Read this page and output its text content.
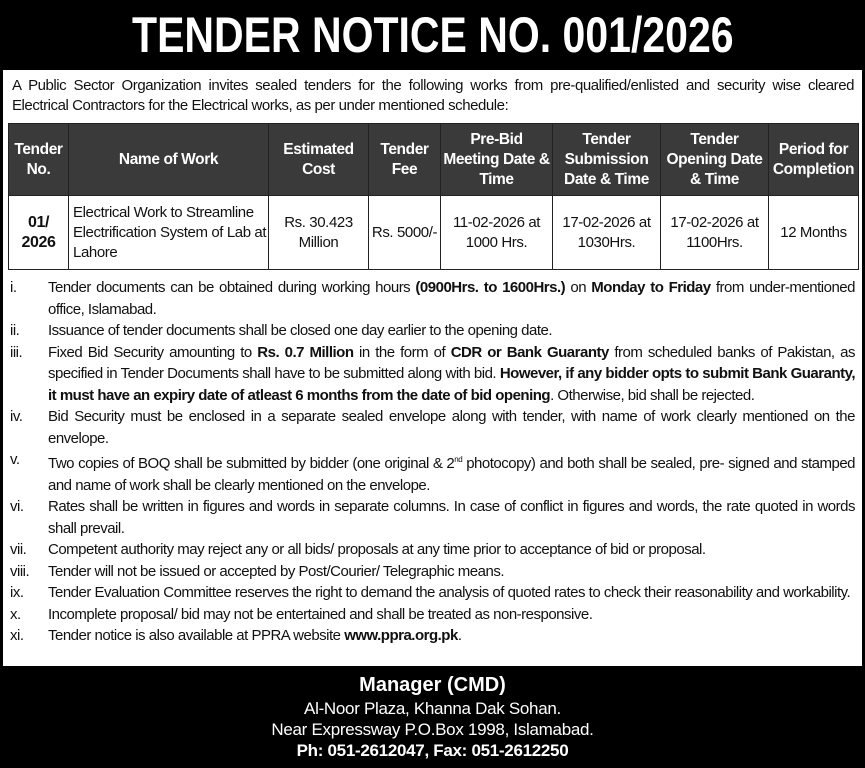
TENDER NOTICE NO. 001/2026

A Public Sector Organization invites sealed tenders for the following works from pre-qualified/enlisted and security wise cleared Electrical Contractors for the Electrical works, as per under mentioned schedule:

Tender No.	Name of Work	Estimated Cost	Tender Fee	Pre-Bid Meeting Date & Time	Tender Submission Date & Time	Tender Opening Date & Time	Period for Completion
01/ 2026	Electrical Work to Streamline Electrification System of Lab at Lahore	Rs. 30.423 Million	Rs. 5000/-	11-02-2026 at 1000 Hrs.	17-02-2026 at 1030Hrs.	17-02-2026 at 1100Hrs.	12 Months
i.	Tender documents can be obtained during working hours (0900Hrs. to 1600Hrs.) on Monday to Friday from under-mentioned office, Islamabad.
ii.	Issuance of tender documents shall be closed one day earlier to the opening date.
iii.	Fixed Bid Security amounting to Rs. 0.7 Million in the form of CDR or Bank Guaranty from scheduled banks of Pakistan, as specified in Tender Documents shall have to be submitted along with bid. However, if any bidder opts to submit Bank Guaranty, it must have an expiry date of atleast 6 months from the date of bid opening. Otherwise, bid shall be rejected.
iv.	Bid Security must be enclosed in a separate sealed envelope along with tender, with name of work clearly mentioned on the envelope.
v.	Two copies of BOQ shall be submitted by bidder (one original & 2nd photocopy) and both shall be sealed, pre- signed and stamped and name of work shall be clearly mentioned on the envelope.
vi.	Rates shall be written in figures and words in separate columns. In case of conflict in figures and words, the rate quoted in words shall prevail.
vii.	Competent authority may reject any or all bids/ proposals at any time prior to acceptance of bid or proposal.
viii.	Tender will not be issued or accepted by Post/Courier/ Telegraphic means.
ix.	Tender Evaluation Committee reserves the right to demand the analysis of quoted rates to check their reasonability and workability.
x.	Incomplete proposal/ bid may not be entertained and shall be treated as non-responsive.
xi.	Tender notice is also available at PPRA website www.ppra.org.pk.
Manager (CMD)
Al-Noor Plaza, Khanna Dak Sohan.
Near Expressway P.O.Box 1998, Islamabad.
Ph: 051-2612047, Fax: 051-2612250
